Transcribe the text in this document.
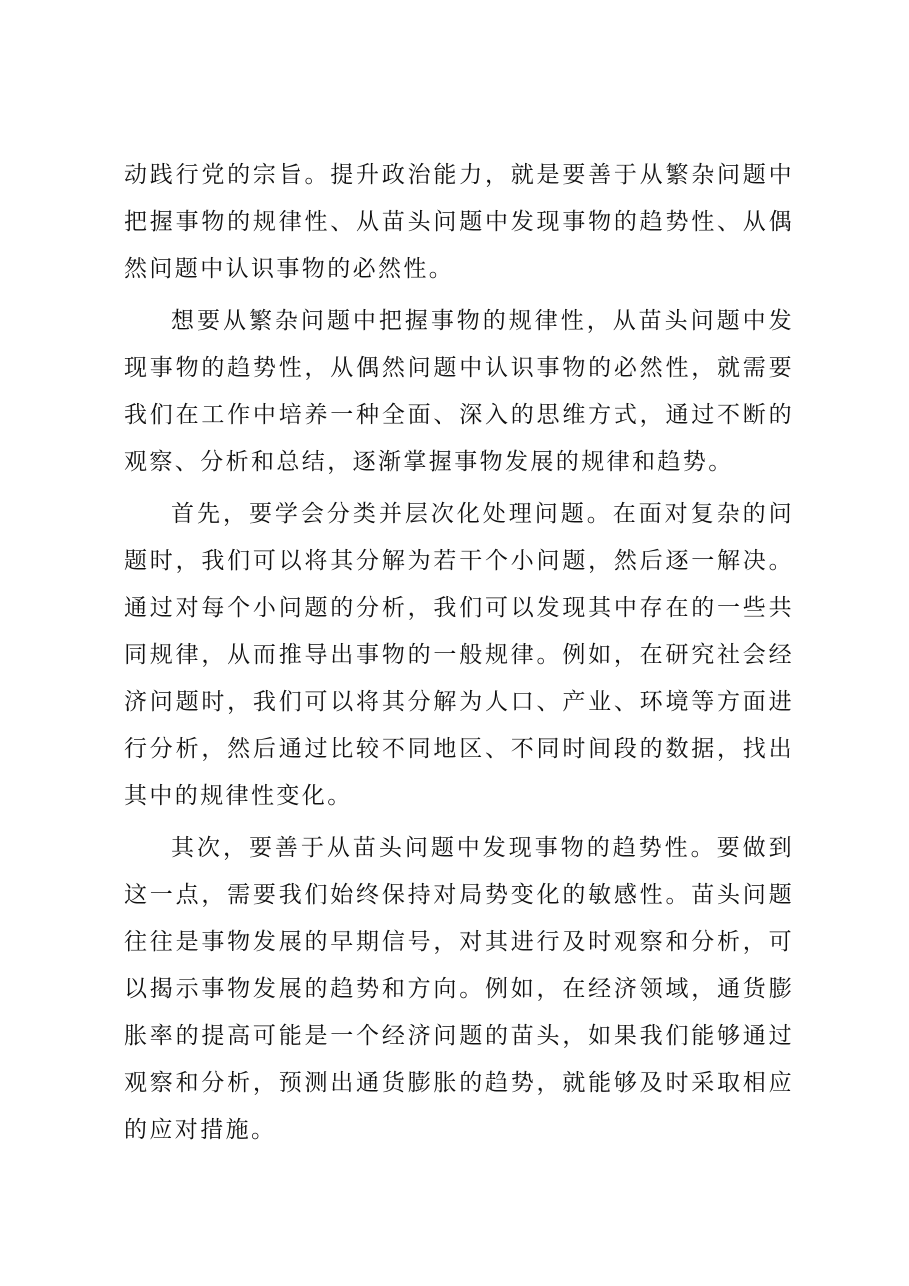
动践行党的宗旨。提升政治能力，就是要善于从繁杂问题中把握事物的规律性、从苗头问题中发现事物的趋势性、从偶然问题中认识事物的必然性。

想要从繁杂问题中把握事物的规律性，从苗头问题中发现事物的趋势性，从偶然问题中认识事物的必然性，就需要我们在工作中培养一种全面、深入的思维方式，通过不断的观察、分析和总结，逐渐掌握事物发展的规律和趋势。

首先，要学会分类并层次化处理问题。在面对复杂的问题时，我们可以将其分解为若干个小问题，然后逐一解决。通过对每个小问题的分析，我们可以发现其中存在的一些共同规律，从而推导出事物的一般规律。例如，在研究社会经济问题时，我们可以将其分解为人口、产业、环境等方面进行分析，然后通过比较不同地区、不同时间段的数据，找出其中的规律性变化。

其次，要善于从苗头问题中发现事物的趋势性。要做到这一点，需要我们始终保持对局势变化的敏感性。苗头问题往往是事物发展的早期信号，对其进行及时观察和分析，可以揭示事物发展的趋势和方向。例如，在经济领域，通货膨胀率的提高可能是一个经济问题的苗头，如果我们能够通过观察和分析，预测出通货膨胀的趋势，就能够及时采取相应的应对措施。
